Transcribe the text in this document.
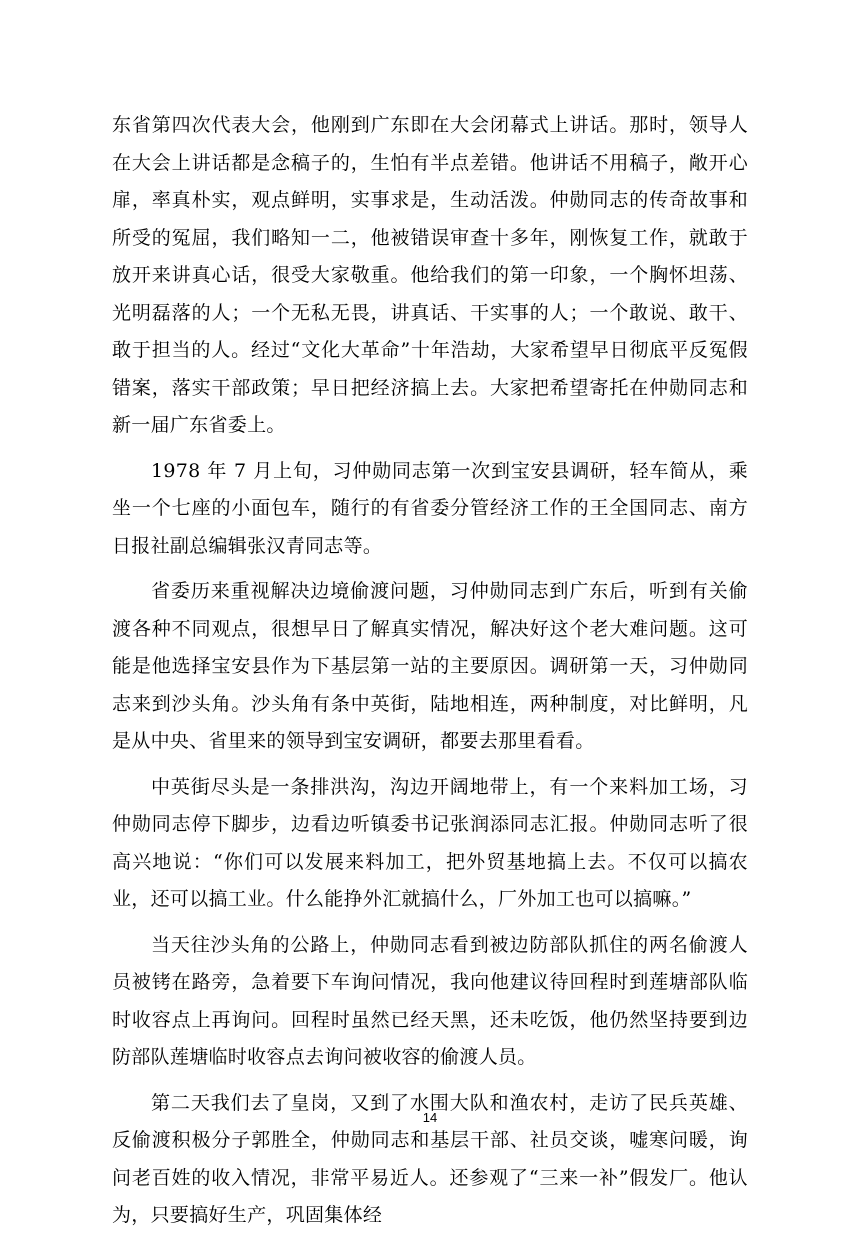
东省第四次代表大会，他刚到广东即在大会闭幕式上讲话。那时，领导人在大会上讲话都是念稿子的，生怕有半点差错。他讲话不用稿子，敞开心扉，率真朴实，观点鲜明，实事求是，生动活泼。仲勋同志的传奇故事和所受的冤屈，我们略知一二，他被错误审查十多年，刚恢复工作，就敢于放开来讲真心话，很受大家敬重。他给我们的第一印象，一个胸怀坦荡、光明磊落的人；一个无私无畏，讲真话、干实事的人；一个敢说、敢干、敢于担当的人。经过“文化大革命”十年浩劫，大家希望早日彻底平反冤假错案，落实干部政策；早日把经济搞上去。大家把希望寄托在仲勋同志和新一届广东省委上。

1978 年 7 月上旬，习仲勋同志第一次到宝安县调研，轻车简从，乘坐一个七座的小面包车，随行的有省委分管经济工作的王全国同志、南方日报社副总编辑张汉青同志等。

省委历来重视解决边境偷渡问题，习仲勋同志到广东后，听到有关偷渡各种不同观点，很想早日了解真实情况，解决好这个老大难问题。这可能是他选择宝安县作为下基层第一站的主要原因。调研第一天，习仲勋同志来到沙头角。沙头角有条中英街，陆地相连，两种制度，对比鲜明，凡是从中央、省里来的领导到宝安调研，都要去那里看看。

中英街尽头是一条排洪沟，沟边开阔地带上，有一个来料加工场，习仲勋同志停下脚步，边看边听镇委书记张润添同志汇报。仲勋同志听了很高兴地说：“你们可以发展来料加工，把外贸基地搞上去。不仅可以搞农业，还可以搞工业。什么能挣外汇就搞什么，厂外加工也可以搞嘛。”

当天往沙头角的公路上，仲勋同志看到被边防部队抓住的两名偷渡人员被铐在路旁，急着要下车询问情况，我向他建议待回程时到莲塘部队临时收容点上再询问。回程时虽然已经天黑，还未吃饭，他仍然坚持要到边防部队莲塘临时收容点去询问被收容的偷渡人员。

第二天我们去了皇岗，又到了水围大队和渔农村，走访了民兵英雄、反偷渡积极分子郭胜全，仲勋同志和基层干部、社员交谈，嘘寒问暖，询问老百姓的收入情况，非常平易近人。还参观了“三来一补”假发厂。他认为，只要搞好生产，巩固集体经

14
